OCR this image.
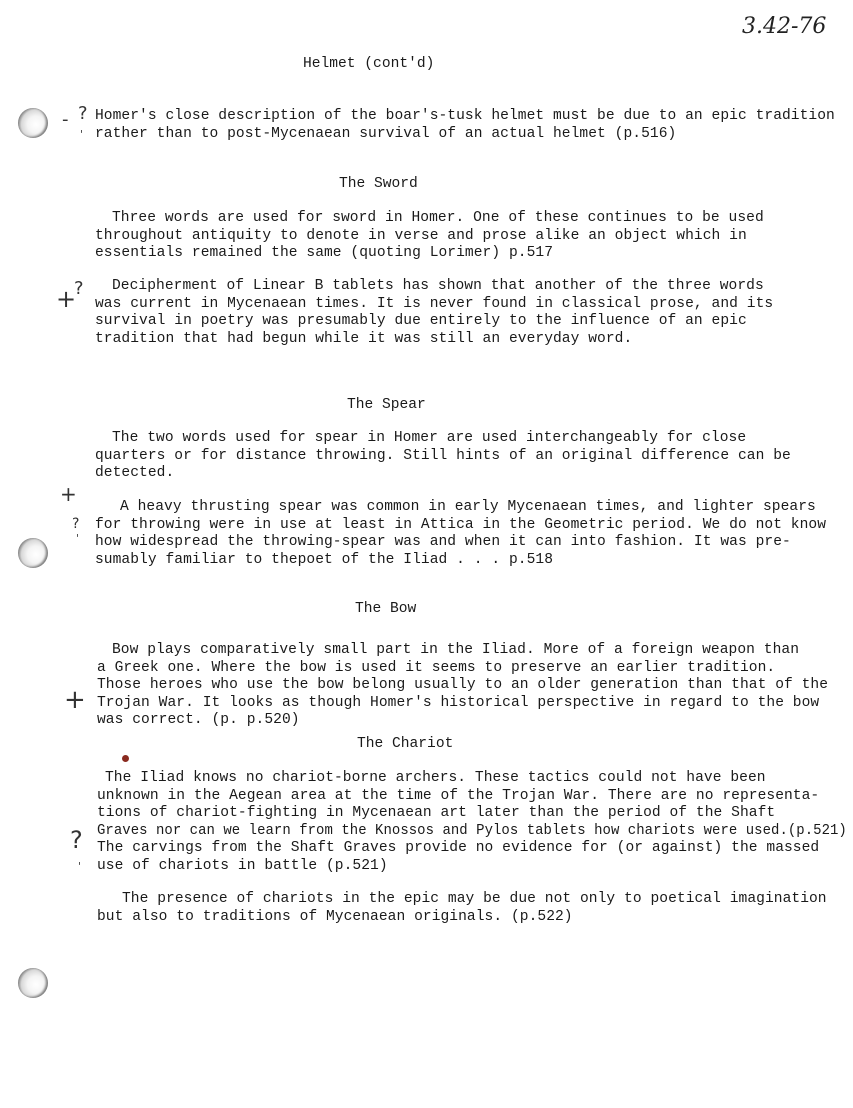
3.42-76
?
-
+
?
+
?
+
?
'
'
'
Helmet (cont'd)
Homer's close description of the boar's-tusk helmet must be due to an epic tradition
rather than to post-Mycenaean survival of an actual helmet (p.516)
The Sword
Three words are used for sword in Homer. One of these continues to be used
throughout antiquity to denote in verse and prose alike an object which in
essentials remained the same (quoting Lorimer) p.517
Decipherment of Linear B tablets has shown that another of the three words
was current in Mycenaean times. It is never found in classical prose, and its
survival in poetry was presumably due entirely to the influence of an epic
tradition that had begun while it was still an everyday word.
The Spear
The two words used for spear in Homer are used interchangeably for close
quarters or for distance throwing. Still hints of an original difference can be
detected.
A heavy thrusting spear was common in early Mycenaean times, and lighter spears
for throwing were in use at least in Attica in the Geometric period. We do not know
how widespread the throwing-spear was and when it can into fashion. It was pre-
sumably familiar to thepoet of the Iliad . . . p.518
The Bow
Bow plays comparatively small part in the Iliad. More of a foreign weapon than
a Greek one. Where the bow is used it seems to preserve an earlier tradition.
Those heroes who use the bow belong usually to an older generation than that of the
Trojan War. It looks as though Homer's historical perspective in regard to the bow
was correct. (p. p.520)
The Chariot
The Iliad knows no chariot-borne archers. These tactics could not have been
unknown in the Aegean area at the time of the Trojan War. There are no representa-
tions of chariot-fighting in Mycenaean art later than the period of the Shaft
Graves nor can we learn from the Knossos and Pylos tablets how chariots were used.(p.521)
The carvings from the Shaft Graves provide no evidence for (or against) the massed
use of chariots in battle (p.521)
The presence of chariots in the epic may be due not only to poetical imagination
but also to traditions of Mycenaean originals. (p.522)
